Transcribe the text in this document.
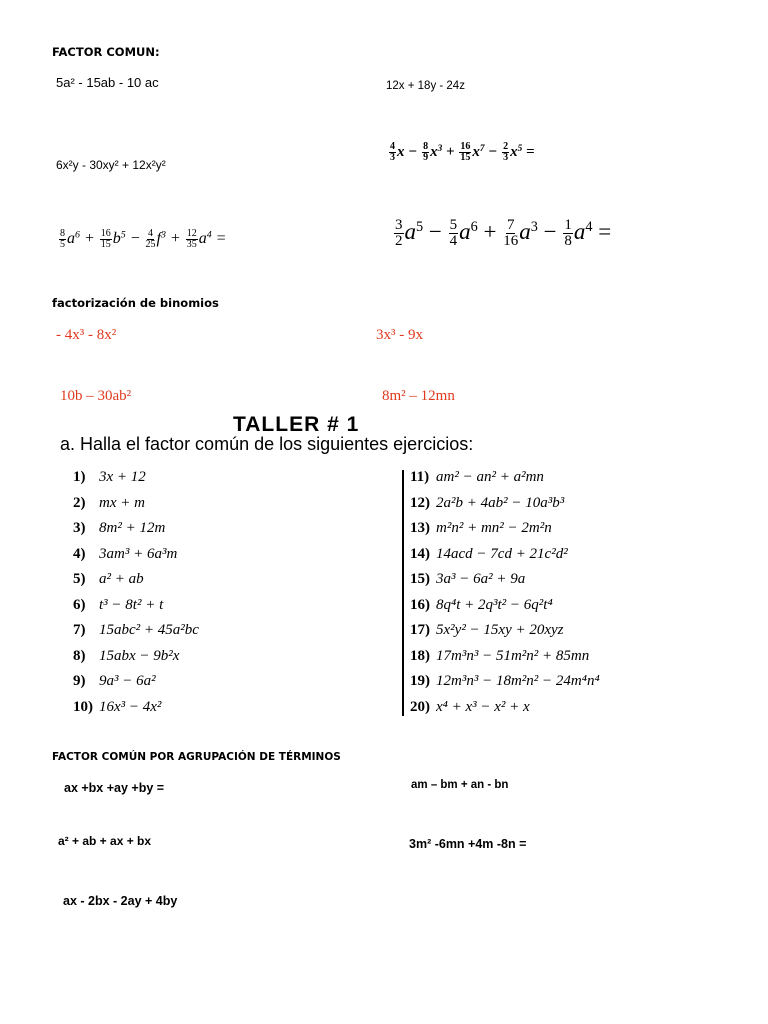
FACTOR COMUN:
5a² - 15ab - 10 ac	12x + 18y - 24z
6x²y - 30xy² + 12x²y²
$\frac{4}{3}$ $x - \frac{8}{9} x^3 + \frac{16}{15} x^7 - \frac{2}{3} x^5$ =
$\frac{8}{5} a^6 + \frac{16}{15} b^5 - \frac{4}{25} f^3 + \frac{12}{35} a^4$ =	$\frac{3}{2} a^5 - \frac{5}{4} a^6 + \frac{7}{16} a^3 - \frac{1}{8} a^4$ =
factorización de binomios
- 4x³ - 8x²	3x³ - 9x
10b – 30ab²	8m² – 12mn
TALLER # 1
a. Halla el factor común de los siguientes ejercicios:
1) 3x + 12
2) mx + m
3) 8m² + 12m
4) 3am³ + 6a³m
5) a² + ab
6) t³ − 8t² + t
7) 15abc² + 45a²bc
8) 15abx − 9b²x
9) 9a³ − 6a²
10) 16x³ − 4x²
11) am² − an² + a²mn
12) 2a²b + 4ab² − 10a³b³
13) m²n² + mn² − 2m²n
14) 14acd − 7cd + 21c²d²
15) 3a³ − 6a² + 9a
16) 8q⁴t + 2q³t² − 6q²t⁴
17) 5x²y² − 15xy + 20xyz
18) 17m³n³ − 51m²n² + 85mn
19) 12m³n³ − 18m²n² − 24m⁴n⁴
20) x⁴ + x³ − x² + x
FACTOR COMÚN POR AGRUPACIÓN DE TÉRMINOS
ax +bx +ay +by =	am – bm + an - bn
a² + ab + ax + bx	3m² -6mn +4m -8n =
ax - 2bx - 2ay + 4by
